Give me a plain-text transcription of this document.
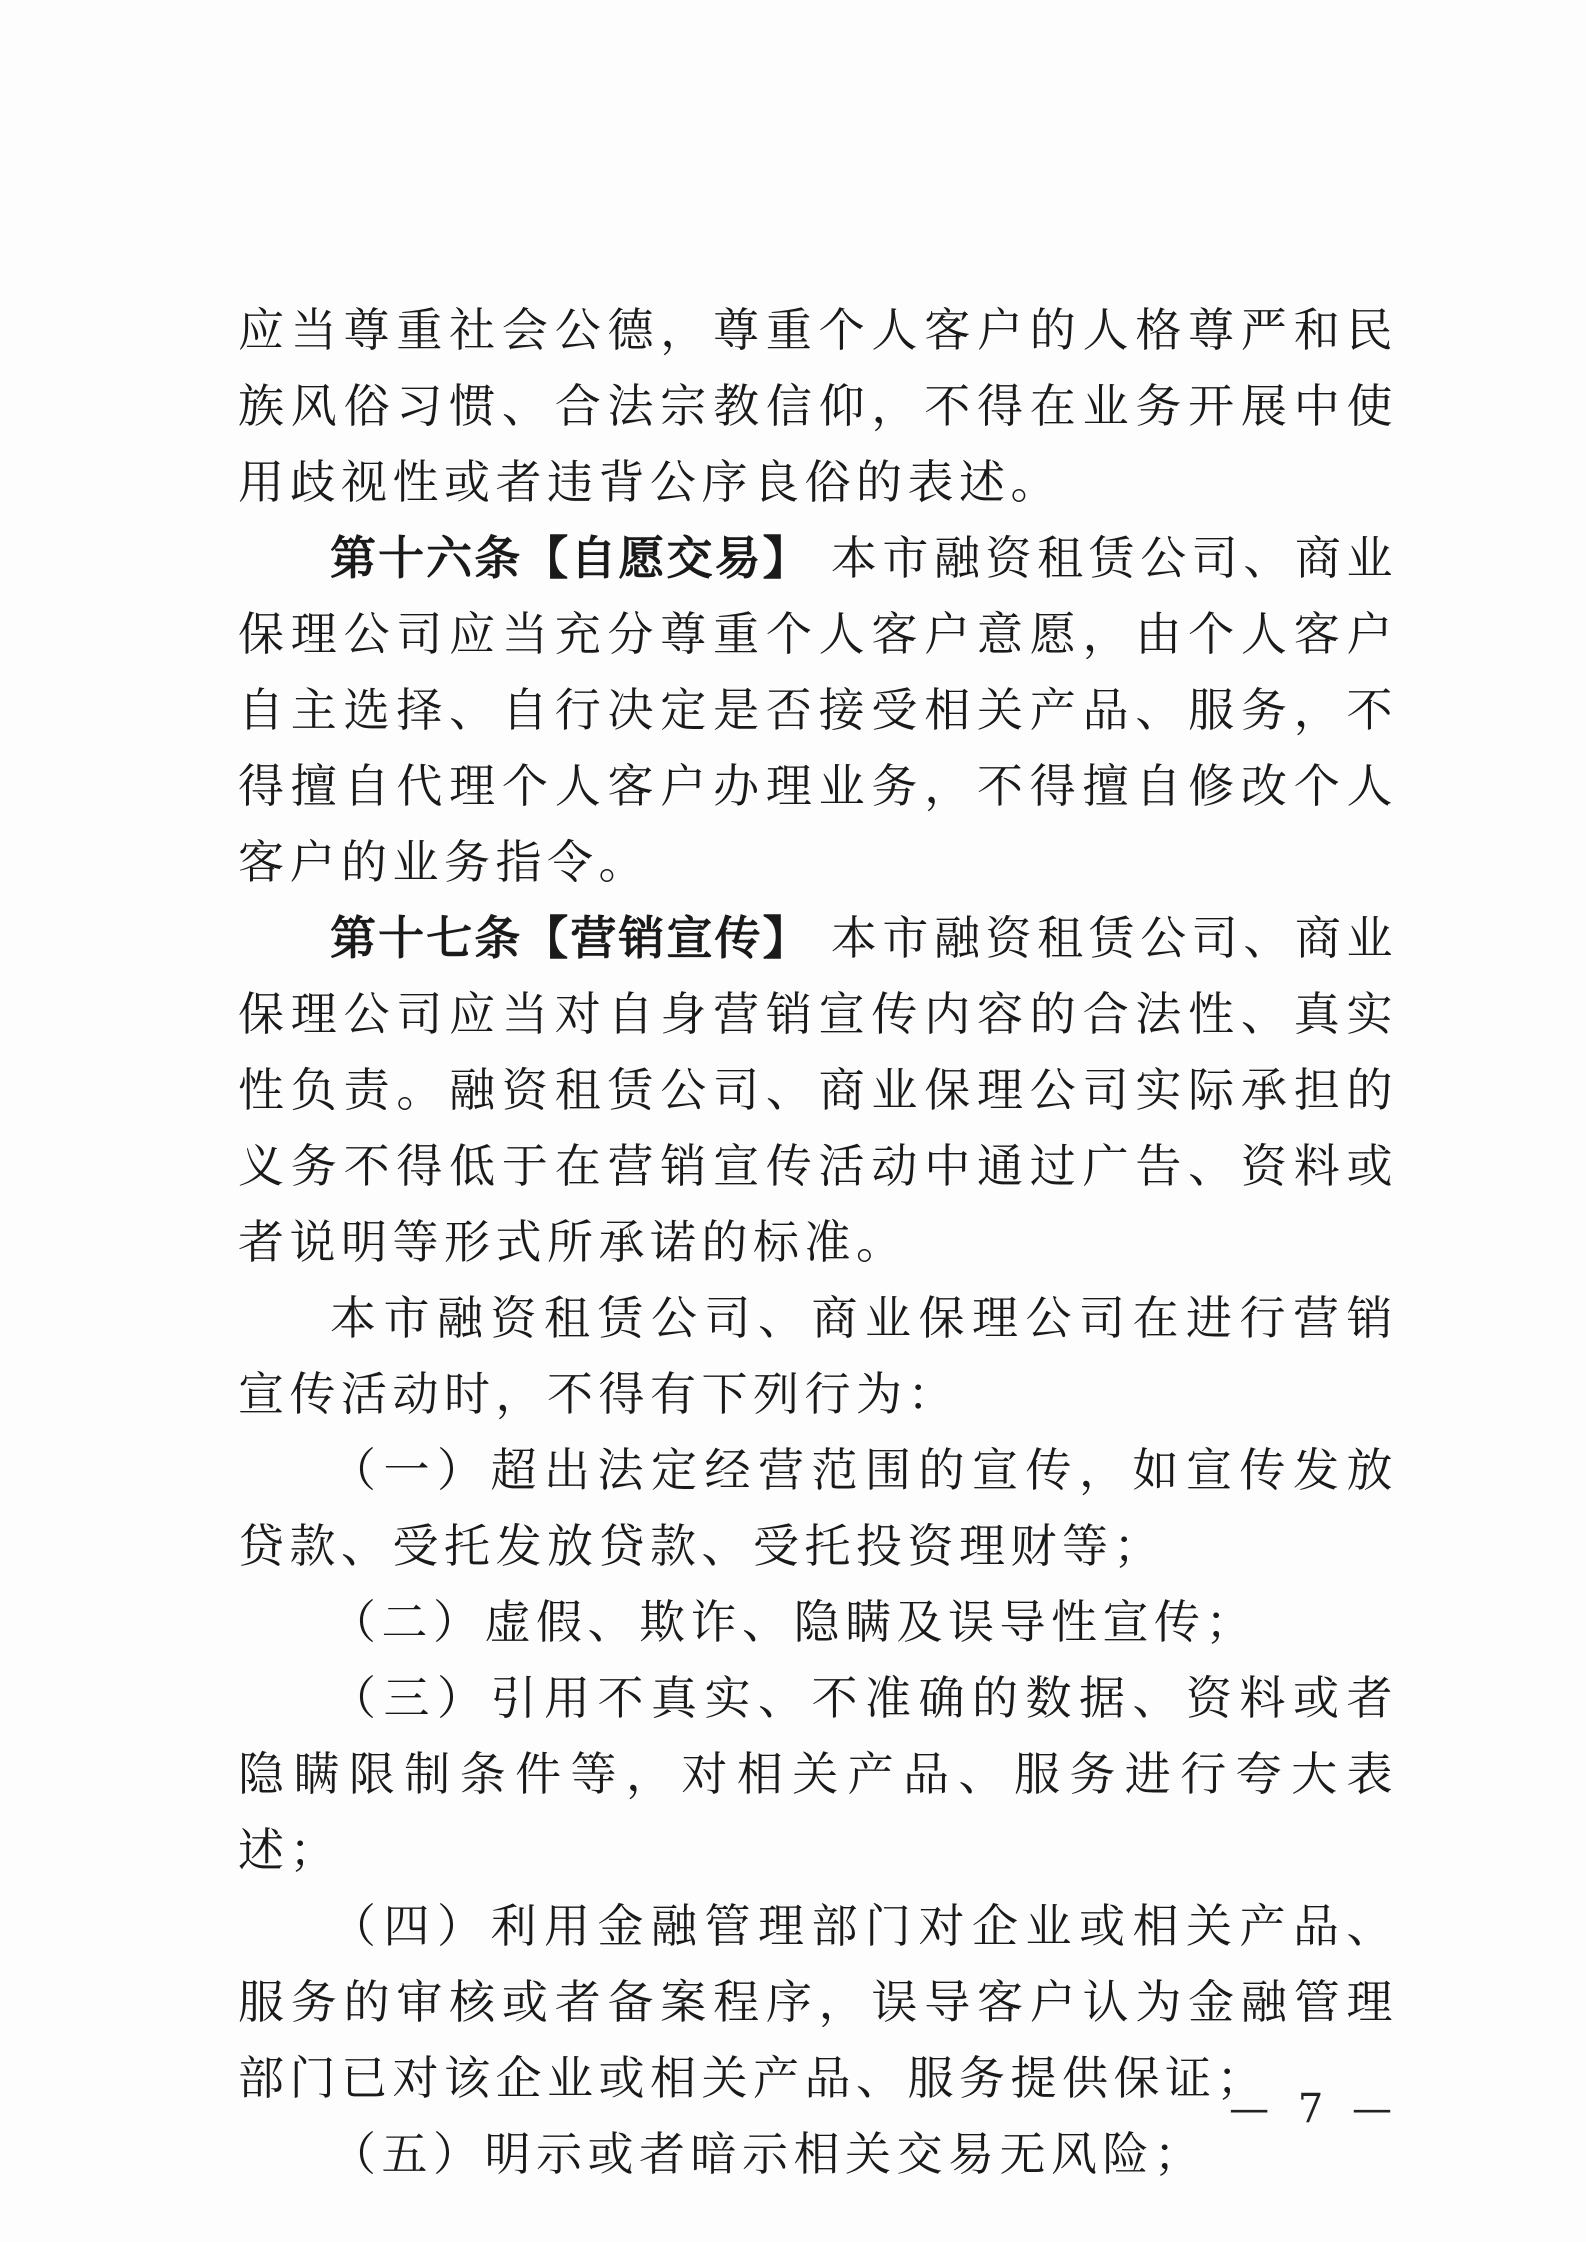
应当尊重社会公德，尊重个人客户的人格尊严和民族风俗习惯、合法宗教信仰，不得在业务开展中使用歧视性或者违背公序良俗的表述。

第十六条【自愿交易】 本市融资租赁公司、商业保理公司应当充分尊重个人客户意愿，由个人客户自主选择、自行决定是否接受相关产品、服务，不得擅自代理个人客户办理业务，不得擅自修改个人客户的业务指令。

第十七条【营销宣传】 本市融资租赁公司、商业保理公司应当对自身营销宣传内容的合法性、真实性负责。融资租赁公司、商业保理公司实际承担的义务不得低于在营销宣传活动中通过广告、资料或者说明等形式所承诺的标准。

本市融资租赁公司、商业保理公司在进行营销宣传活动时，不得有下列行为：

（一）超出法定经营范围的宣传，如宣传发放贷款、受托发放贷款、受托投资理财等；

（二）虚假、欺诈、隐瞒及误导性宣传；

（三）引用不真实、不准确的数据、资料或者隐瞒限制条件等，对相关产品、服务进行夸大表述；

（四）利用金融管理部门对企业或相关产品、服务的审核或者备案程序，误导客户认为金融管理部门已对该企业或相关产品、服务提供保证；

（五）明示或者暗示相关交易无风险；

— 7 —
